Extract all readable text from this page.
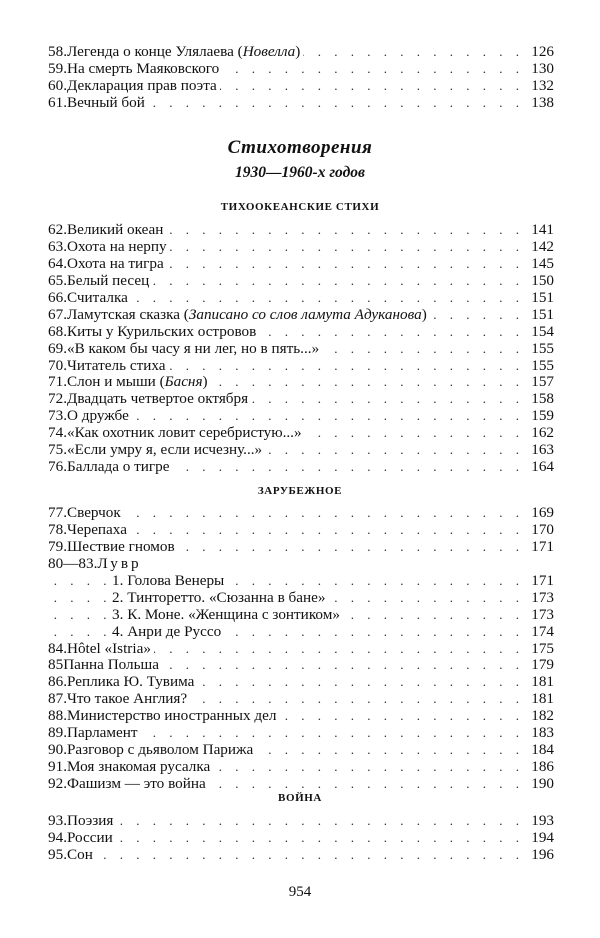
. . .
58.Легенда о конце Улялаева (Новелла)	126
. . .
59.На смерть Маяковского	130
. . .
60.Декларация прав поэта	132
. . .
61.Вечный бой	138
Стихотворения
1930—1960-х годов
ТИХООКЕАНСКИЕ СТИХИ
. . .
62.Великий океан	141
. . .
63.Охота на нерпу	142
. . .
64.Охота на тигра	145
. . .
65.Белый песец	150
. . .
66.Считалка	151
. . .
67.Ламутская сказка (Записано со слов ламута Адуканова)	151
. . .
68.Киты у Курильских островов	154
. . .
69.«В каком бы часу я ни лег, но в пять...»	155
. . .
70.Читатель стиха	155
. . .
71.Слон и мыши (Басня)	157
. . .
72.Двадцать четвертое октября	158
. . .
73.О дружбе	159
. . .
74.«Как охотник ловит серебристую...»	162
. . .
75.«Если умру я, если исчезну...»	163
. . .
76.Баллада о тигре	164
ЗАРУБЕЖНОЕ
. . .
77.Сверчок	169
. . .
78.Черепаха	170
. . .
79.Шествие гномов	171
80—83.Лувр
. . .
1. Голова Венеры	171
. . .
2. Тинторетто. «Сюзанна в бане»	173
. . .
3. К. Моне. «Женщина с зонтиком»	173
. . .
4. Анри де Руссо	174
. . .
84.Hôtel «Istria»	175
. . .
85Панна Польша	179
. . .
86.Реплика Ю. Тувима	181
. . .
87.Что такое Англия?	181
. . .
88.Министерство иностранных дел	182
. . .
89.Парламент	183
. . .
90.Разговор с дьяволом Парижа	184
. . .
91.Моя знакомая русалка	186
. . .
92.Фашизм — это война	190
ВОЙНА
. . .
93.Поэзия	193
. . .
94.России	194
. . .
95.Сон	196
954
